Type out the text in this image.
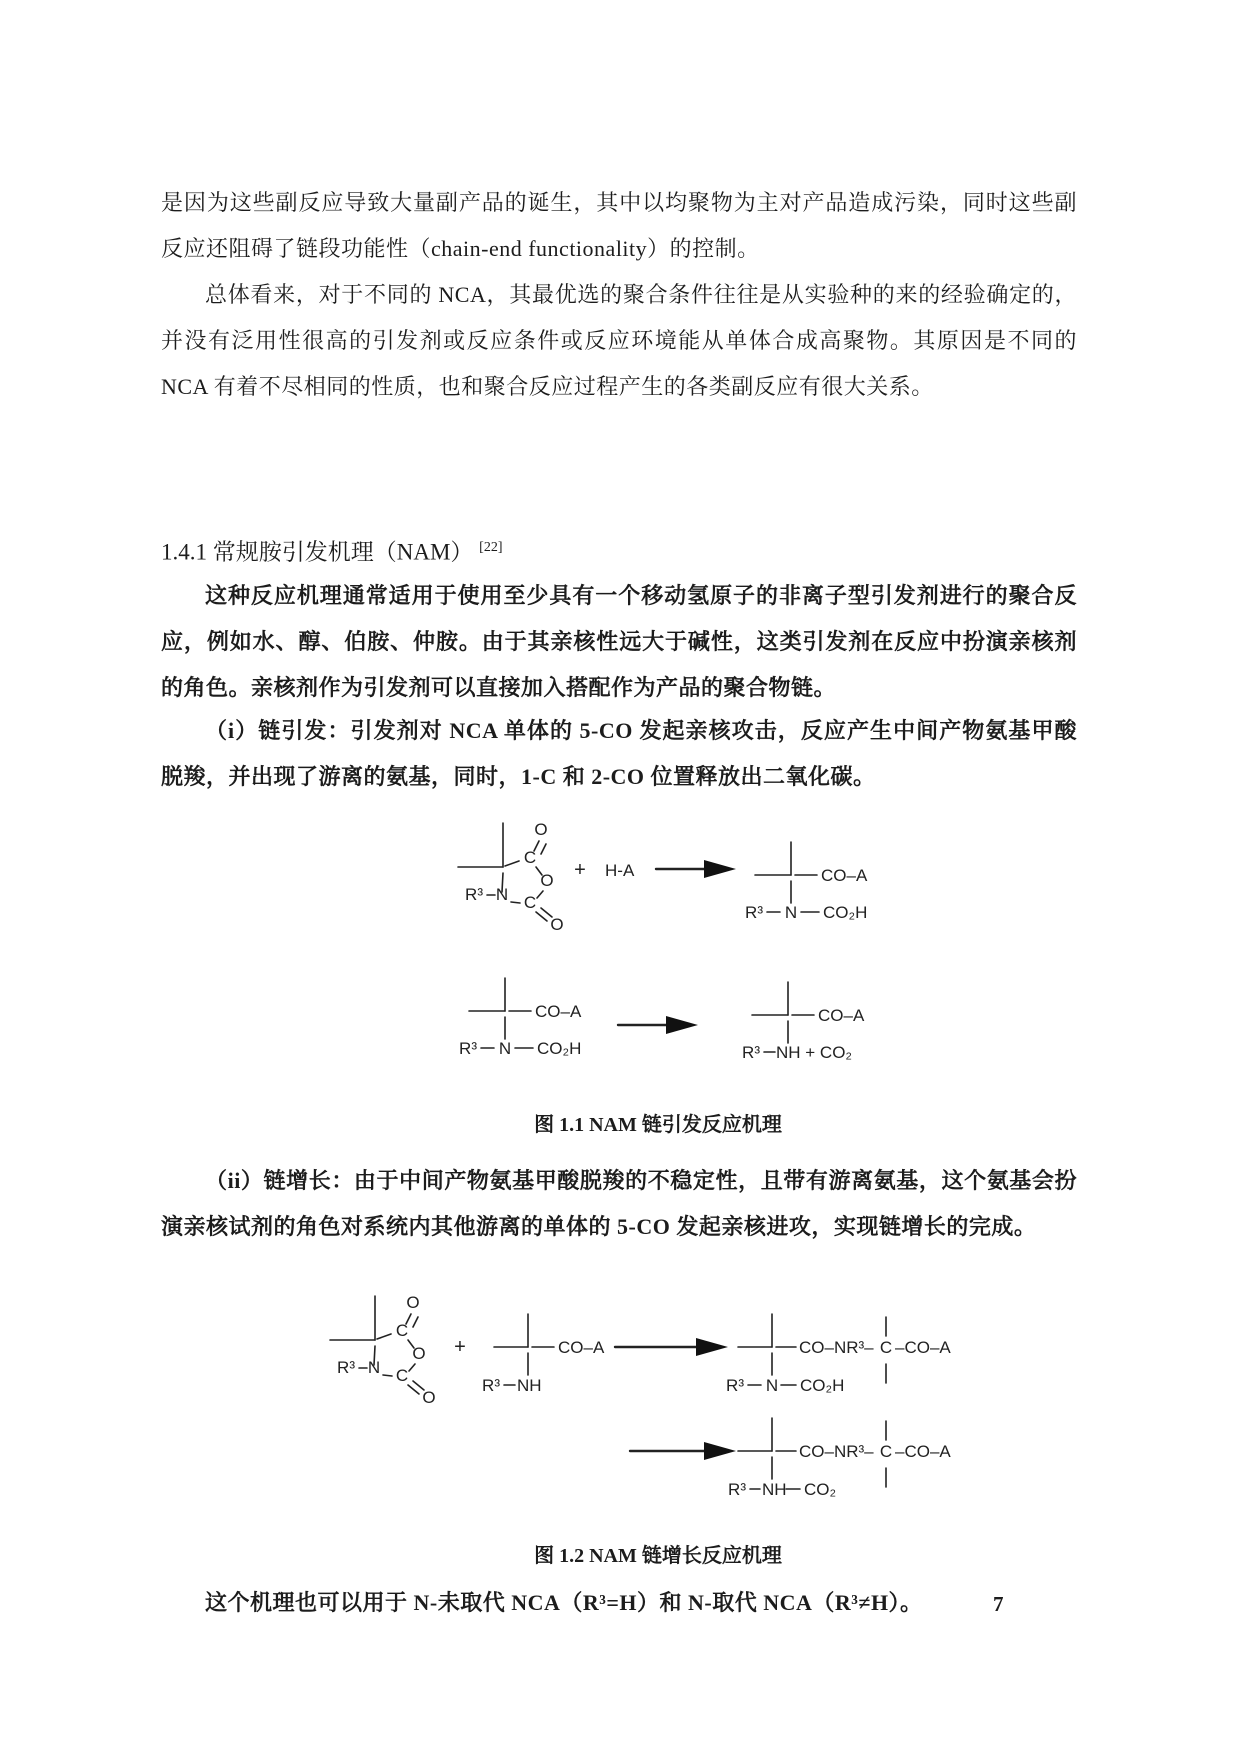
是因为这些副反应导致大量副产品的诞生，其中以均聚物为主对产品造成污染，同时这些副反应还阻碍了链段功能性（chain-end functionality）的控制。

总体看来，对于不同的 NCA，其最优选的聚合条件往往是从实验种的来的经验确定的，并没有泛用性很高的引发剂或反应条件或反应环境能从单体合成高聚物。其原因是不同的 NCA 有着不尽相同的性质，也和聚合反应过程产生的各类副反应有很大关系。

1.4.1 常规胺引发机理（NAM） [22]

这种反应机理通常适用于使用至少具有一个移动氢原子的非离子型引发剂进行的聚合反应，例如水、醇、伯胺、仲胺。由于其亲核性远大于碱性，这类引发剂在反应中扮演亲核剂的角色。亲核剂作为引发剂可以直接加入搭配作为产品的聚合物链。

（i）链引发：引发剂对 NCA 单体的 5-CO 发起亲核攻击，反应产生中间产物氨基甲酸脱羧，并出现了游离的氨基，同时，1-C 和 2-CO 位置释放出二氧化碳。

C
O
O
C
O
N
R³
+ H-A	CO–A
N
R³	CO₂H
CO–A
N
R³	CO₂H
CO–A
R³ NH + CO₂

图 1.1 NAM 链引发反应机理

（ii）链增长：由于中间产物氨基甲酸脱羧的不稳定性，且带有游离氨基，这个氨基会扮演亲核试剂的角色对系统内其他游离的单体的 5-CO 发起亲核进攻，实现链增长的完成。

C
O
O
C
O
N
R³
+	CO–A
R³ NH
CO–NR³– C –CO–A
R³ N CO₂H
CO–NR³– C –CO–A
R³ NH CO₂

图 1.2 NAM 链增长反应机理

这个机理也可以用于 N-未取代 NCA（R³=H）和 N-取代 NCA（R³≠H）。	7
